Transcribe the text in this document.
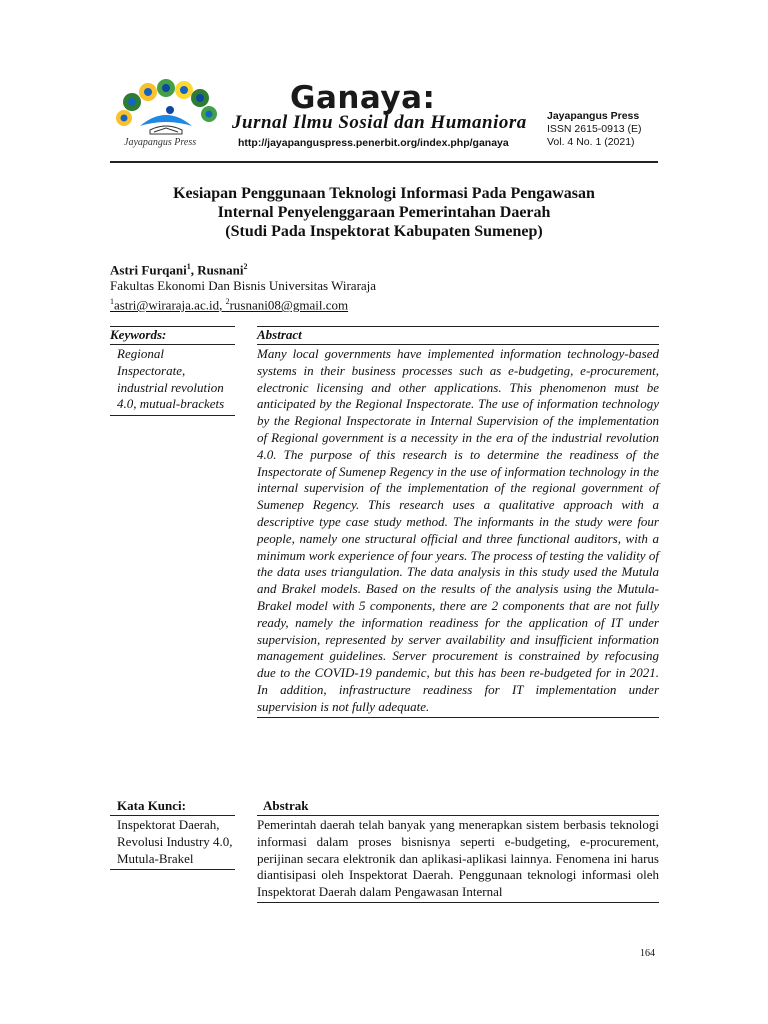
Jayapangus Press
Ganaya:
Jurnal Ilmu Sosial dan Humaniora
http://jayapanguspress.penerbit.org/index.php/ganaya
Jayapangus Press
ISSN 2615-0913 (E)
Vol. 4 No. 1 (2021)
Kesiapan Penggunaan Teknologi Informasi Pada Pengawasan
Internal Penyelenggaraan Pemerintahan Daerah
(Studi Pada Inspektorat Kabupaten Sumenep)
Astri Furqani$^1$, Rusnani$^2$
Fakultas Ekonomi Dan Bisnis Universitas Wiraraja
$^1$astri@wiraraja.ac.id, $^2$rusnani08@gmail.com
Keywords:
Regional Inspectorate, industrial revolution 4.0, mutual-brackets
Abstract
Many local governments have implemented information technology-based systems in their business processes such as e-budgeting, e-procurement, electronic licensing and other applications. This phenomenon must be anticipated by the Regional Inspectorate. The use of information technology by the Regional Inspectorate in Internal Supervision of the implementation of Regional government is a necessity in the era of the industrial revolution 4.0. The purpose of this research is to determine the readiness of the Inspectorate of Sumenep Regency in the use of information technology in the internal supervision of the implementation of the regional government of Sumenep Regency. This research uses a qualitative approach with a descriptive type case study method. The informants in the study were four people, namely one structural official and three functional auditors, with a minimum work experience of four years. The process of testing the validity of the data uses triangulation. The data analysis in this study used the Mutula and Brakel models. Based on the results of the analysis using the Mutula-Brakel model with 5 components, there are 2 components that are not fully ready, namely the information readiness for the application of IT under supervision, represented by server availability and insufficient information management guidelines. Server procurement is constrained by refocusing due to the COVID-19 pandemic, but this has been re-budgeted for in 2021. In addition, infrastructure readiness for IT implementation under supervision is not fully adequate.
Kata Kunci:
Inspektorat Daerah, Revolusi Industry 4.0, Mutula-Brakel
Abstrak
Pemerintah daerah telah banyak yang menerapkan sistem berbasis teknologi informasi dalam proses bisnisnya seperti e-budgeting, e-procurement, perijinan secara elektronik dan aplikasi-aplikasi lainnya. Fenomena ini harus diantisipasi oleh Inspektorat Daerah. Penggunaan teknologi informasi oleh Inspektorat Daerah dalam Pengawasan Internal
164
